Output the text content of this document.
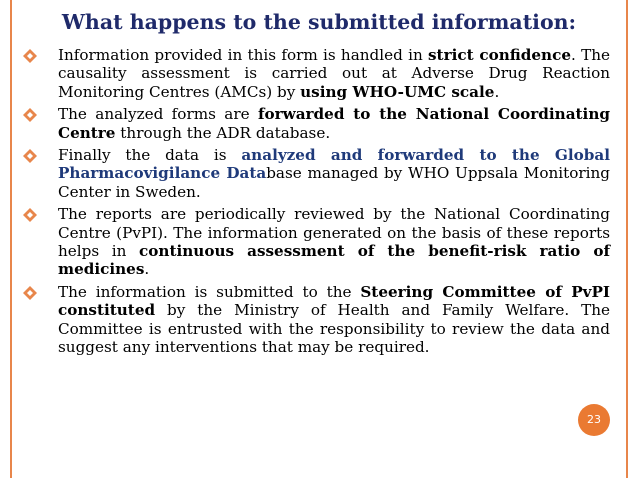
What happens to the submitted information:
Information provided in this form is handled in strict confidence. The causality assessment is carried out at Adverse Drug Reaction Monitoring Centres (AMCs) by using WHO-UMC scale.
The analyzed forms are forwarded to the National Coordinating Centre through the ADR database.
Finally the data is analyzed and forwarded to the Global Pharmacovigilance Database managed by WHO Uppsala Monitoring Center in Sweden.
The reports are periodically reviewed by the National Coordinating Centre (PvPI). The information generated on the basis of these reports helps in continuous assessment of the benefit-risk ratio of medicines.
The information is submitted to the Steering Committee of PvPI constituted by the Ministry of Health and Family Welfare. The Committee is entrusted with the responsibility to review the data and suggest any interventions that may be required.
23
